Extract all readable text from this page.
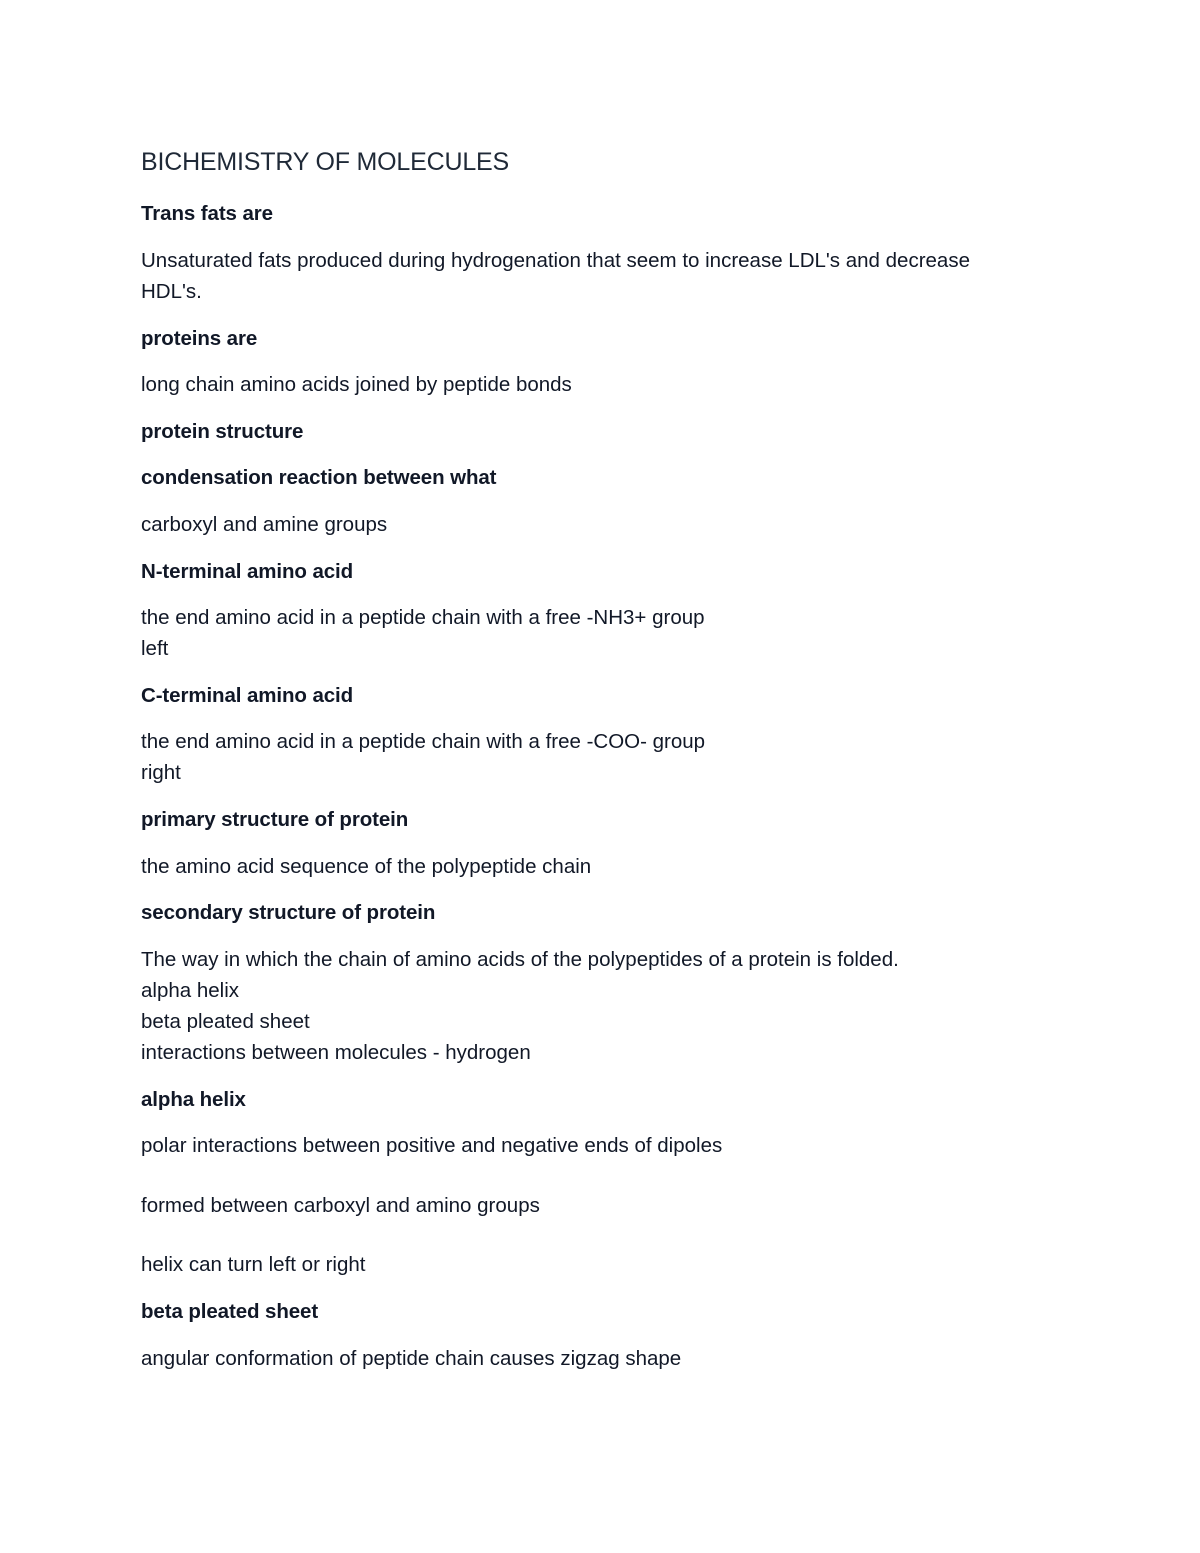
BICHEMISTRY OF MOLECULES
Trans fats are
Unsaturated fats produced during hydrogenation that seem to increase LDL's and decrease
HDL's.
proteins are
long chain amino acids joined by peptide bonds
protein structure
condensation reaction between what
carboxyl and amine groups
N-terminal amino acid
the end amino acid in a peptide chain with a free -NH3+ group
left
C-terminal amino acid
the end amino acid in a peptide chain with a free -COO- group
right
primary structure of protein
the amino acid sequence of the polypeptide chain
secondary structure of protein
The way in which the chain of amino acids of the polypeptides of a protein is folded.
alpha helix
beta pleated sheet
interactions between molecules - hydrogen
alpha helix
polar interactions between positive and negative ends of dipoles
formed between carboxyl and amino groups
helix can turn left or right
beta pleated sheet
angular conformation of peptide chain causes zigzag shape
